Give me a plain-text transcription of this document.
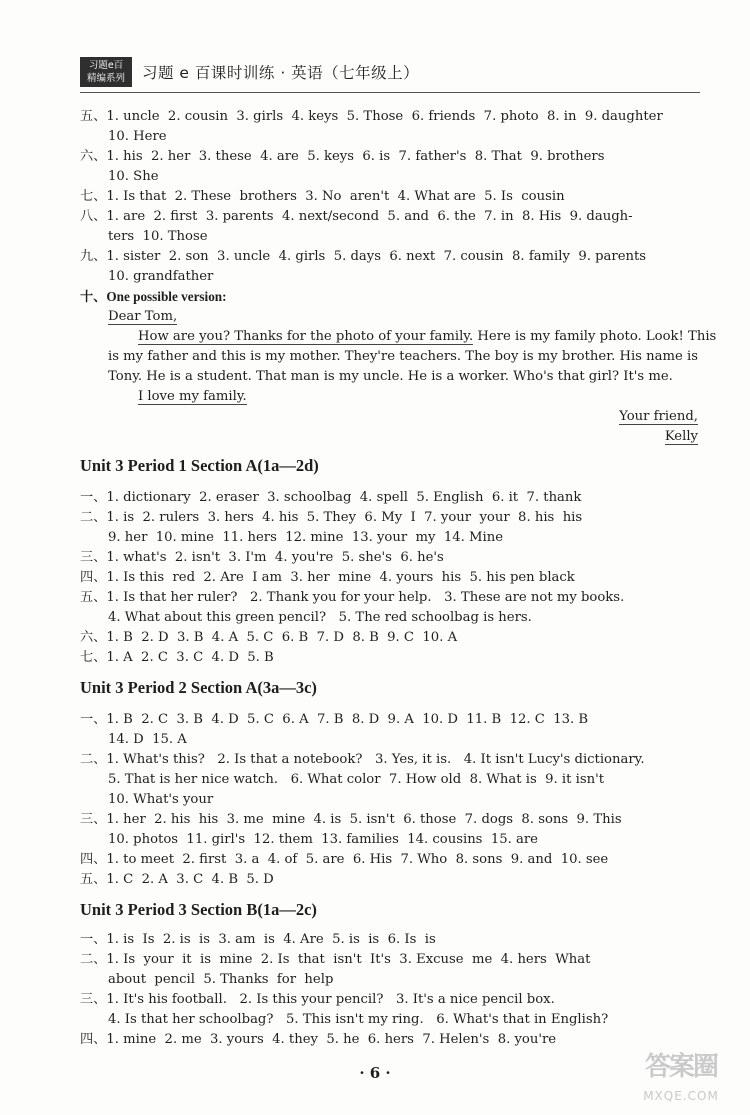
习题e百
精编系列	习题 e 百课时训练 · 英语（七年级上）
五、1. uncle  2. cousin  3. girls  4. keys  5. Those  6. friends  7. photo  8. in  9. daughter
10. Here
六、1. his  2. her  3. these  4. are  5. keys  6. is  7. father's  8. That  9. brothers
10. She
七、1. Is that  2. These  brothers  3. No  aren't  4. What are  5. Is  cousin
八、1. are  2. first  3. parents  4. next/second  5. and  6. the  7. in  8. His  9. daugh-
ters  10. Those
九、1. sister  2. son  3. uncle  4. girls  5. days  6. next  7. cousin  8. family  9. parents
10. grandfather
十、One possible version:
Dear Tom,
How are you? Thanks for the photo of your family. Here is my family photo. Look! This
is my father and this is my mother. They're teachers. The boy is my brother. His name is
Tony. He is a student. That man is my uncle. He is a worker. Who's that girl? It's me.
I love my family.
Your friend,
Kelly
Unit 3 Period 1 Section A(1a—2d)
一、1. dictionary  2. eraser  3. schoolbag  4. spell  5. English  6. it  7. thank
二、1. is  2. rulers  3. hers  4. his  5. They  6. My  I  7. your  your  8. his  his
9. her  10. mine  11. hers  12. mine  13. your  my  14. Mine
三、1. what's  2. isn't  3. I'm  4. you're  5. she's  6. he's
四、1. Is this  red  2. Are  I am  3. her  mine  4. yours  his  5. his pen black
五、1. Is that her ruler?   2. Thank you for your help.   3. These are not my books.
4. What about this green pencil?   5. The red schoolbag is hers.
六、1. B  2. D  3. B  4. A  5. C  6. B  7. D  8. B  9. C  10. A
七、1. A  2. C  3. C  4. D  5. B
Unit 3 Period 2 Section A(3a—3c)
一、1. B  2. C  3. B  4. D  5. C  6. A  7. B  8. D  9. A  10. D  11. B  12. C  13. B
14. D  15. A
二、1. What's this?   2. Is that a notebook?   3. Yes, it is.   4. It isn't Lucy's dictionary.
5. That is her nice watch.   6. What color  7. How old  8. What is  9. it isn't
10. What's your
三、1. her  2. his  his  3. me  mine  4. is  5. isn't  6. those  7. dogs  8. sons  9. This
10. photos  11. girl's  12. them  13. families  14. cousins  15. are
四、1. to meet  2. first  3. a  4. of  5. are  6. His  7. Who  8. sons  9. and  10. see
五、1. C  2. A  3. C  4. B  5. D
Unit 3 Period 3 Section B(1a—2c)
一、1. is  Is  2. is  is  3. am  is  4. Are  5. is  is  6. Is  is
二、1. Is  your  it  is  mine  2. Is  that  isn't  It's  3. Excuse  me  4. hers  What
about  pencil  5. Thanks  for  help
三、1. It's his football.   2. Is this your pencil?   3. It's a nice pencil box.
4. Is that her schoolbag?   5. This isn't my ring.   6. What's that in English?
四、1. mine  2. me  3. yours  4. they  5. he  6. hers  7. Helen's  8. you're
· 6 ·	答案圈
MXQE.COM
